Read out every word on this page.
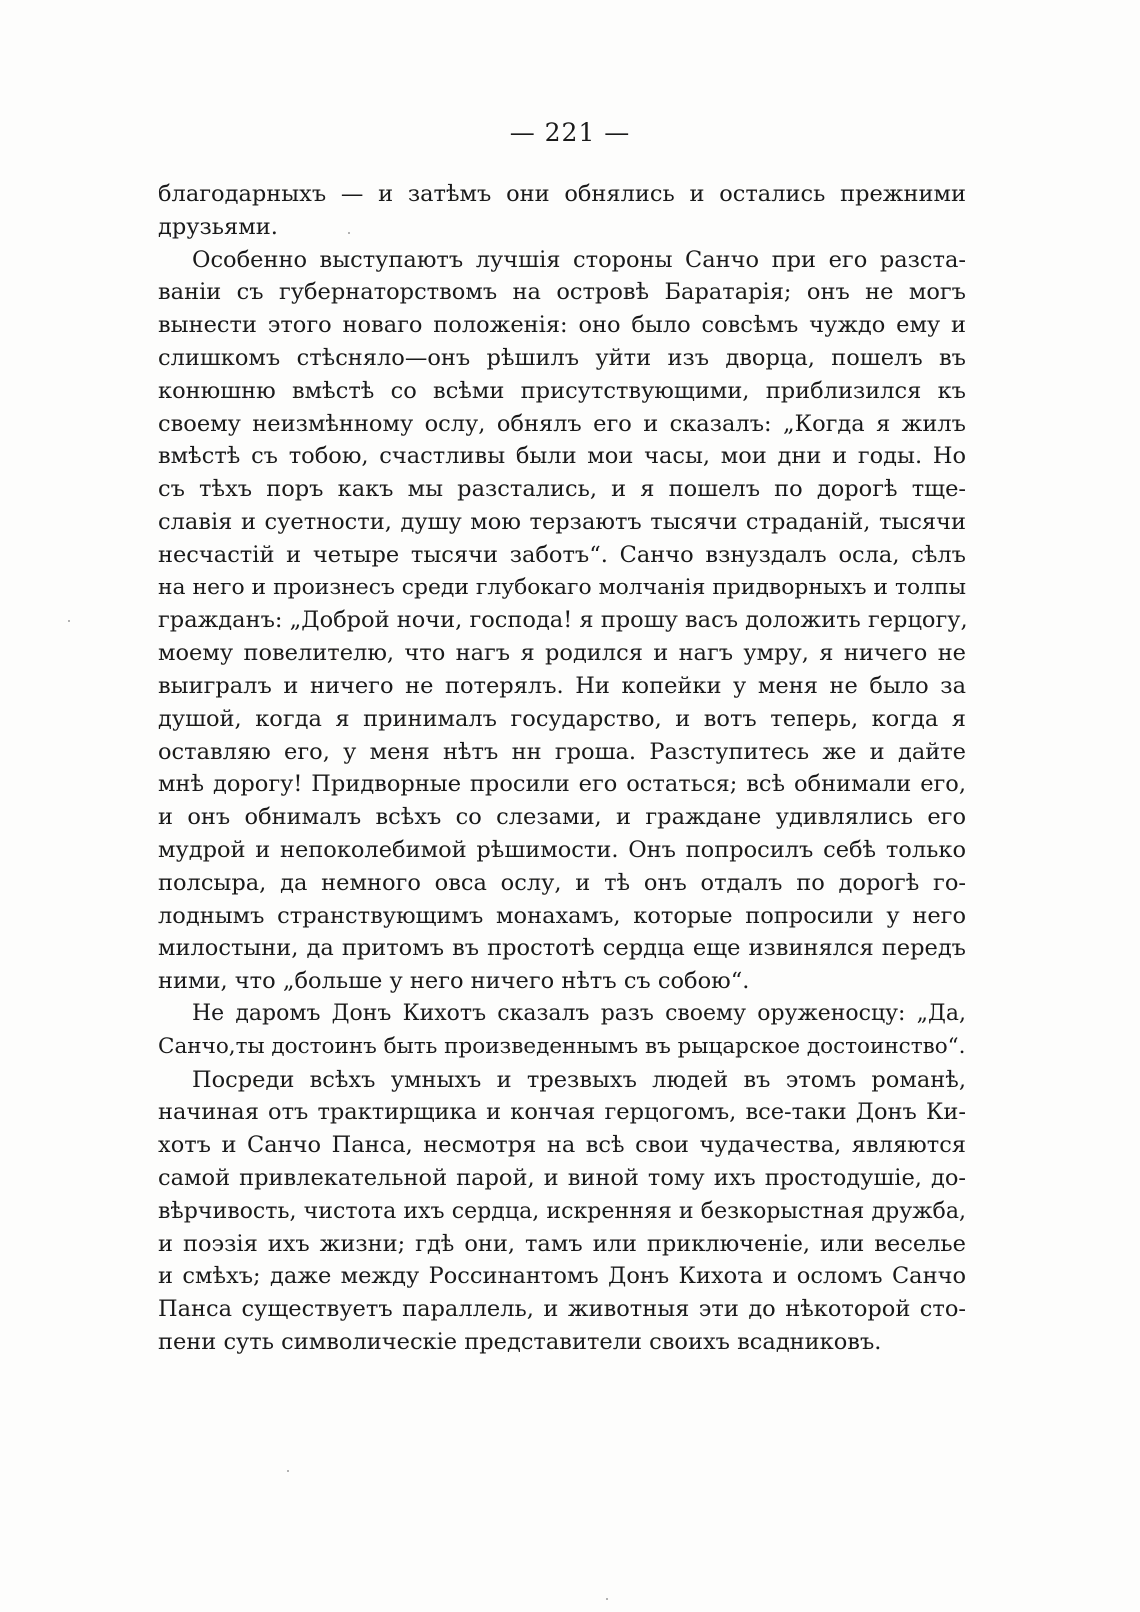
— 221 —
благодарныхъ — и затѣмъ они обнялись и остались прежними
друзьями.
Особенно выступаютъ лучшія стороны Санчо при его разста-
ваніи съ губернаторствомъ на островѣ Баратарія; онъ не могъ
вынести этого новаго положенія: оно было совсѣмъ чуждо ему и
слишкомъ стѣсняло—онъ рѣшилъ уйти изъ дворца, пошелъ въ
конюшню вмѣстѣ со всѣми присутствующими, приблизился къ
своему неизмѣнному ослу, обнялъ его и сказалъ: „Когда я жилъ
вмѣстѣ съ тобою, счастливы были мои часы, мои дни и годы. Но
съ тѣхъ поръ какъ мы разстались, и я пошелъ по дорогѣ тще-
славія и суетности, душу мою терзаютъ тысячи страданій, тысячи
несчастій и четыре тысячи заботъ“. Санчо взнуздалъ осла, сѣлъ
на него и произнесъ среди глубокаго молчанія придворныхъ и толпы
гражданъ: „Доброй ночи, господа! я прошу васъ доложить герцогу,
моему повелителю, что нагъ я родился и нагъ умру, я ничего не
выигралъ и ничего не потерялъ. Ни копейки у меня не было за
душой, когда я принималъ государство, и вотъ теперь, когда я
оставляю его, у меня нѣтъ нн гроша. Разступитесь же и дайте
мнѣ дорогу! Придворные просили его остаться; всѣ обнимали его,
и онъ обнималъ всѣхъ со слезами, и граждане удивлялись его
мудрой и непоколебимой рѣшимости. Онъ попросилъ себѣ только
полсыра, да немного овса ослу, и тѣ онъ отдалъ по дорогѣ го-
лоднымъ странствующимъ монахамъ, которые попросили у него
милостыни, да притомъ въ простотѣ сердца еще извинялся передъ
ними, что „больше у него ничего нѣтъ съ собою“.
Не даромъ Донъ Кихотъ сказалъ разъ своему оруженосцу: „Да,
Санчо,ты достоинъ быть произведеннымъ въ рыцарское достоинство“.
Посреди всѣхъ умныхъ и трезвыхъ людей въ этомъ романѣ,
начиная отъ трактирщика и кончая герцогомъ, все-таки Донъ Ки-
хотъ и Санчо Панса, несмотря на всѣ свои чудачества, являются
самой привлекательной парой, и виной тому ихъ простодушіе, до-
вѣрчивость, чистота ихъ сердца, искренняя и безкорыстная дружба,
и поэзія ихъ жизни; гдѣ они, тамъ или приключеніе, или веселье
и смѣхъ; даже между Россинантомъ Донъ Кихота и осломъ Санчо
Панса существуетъ параллель, и животныя эти до нѣкоторой сто-
пени суть символическіе представители своихъ всадниковъ.
